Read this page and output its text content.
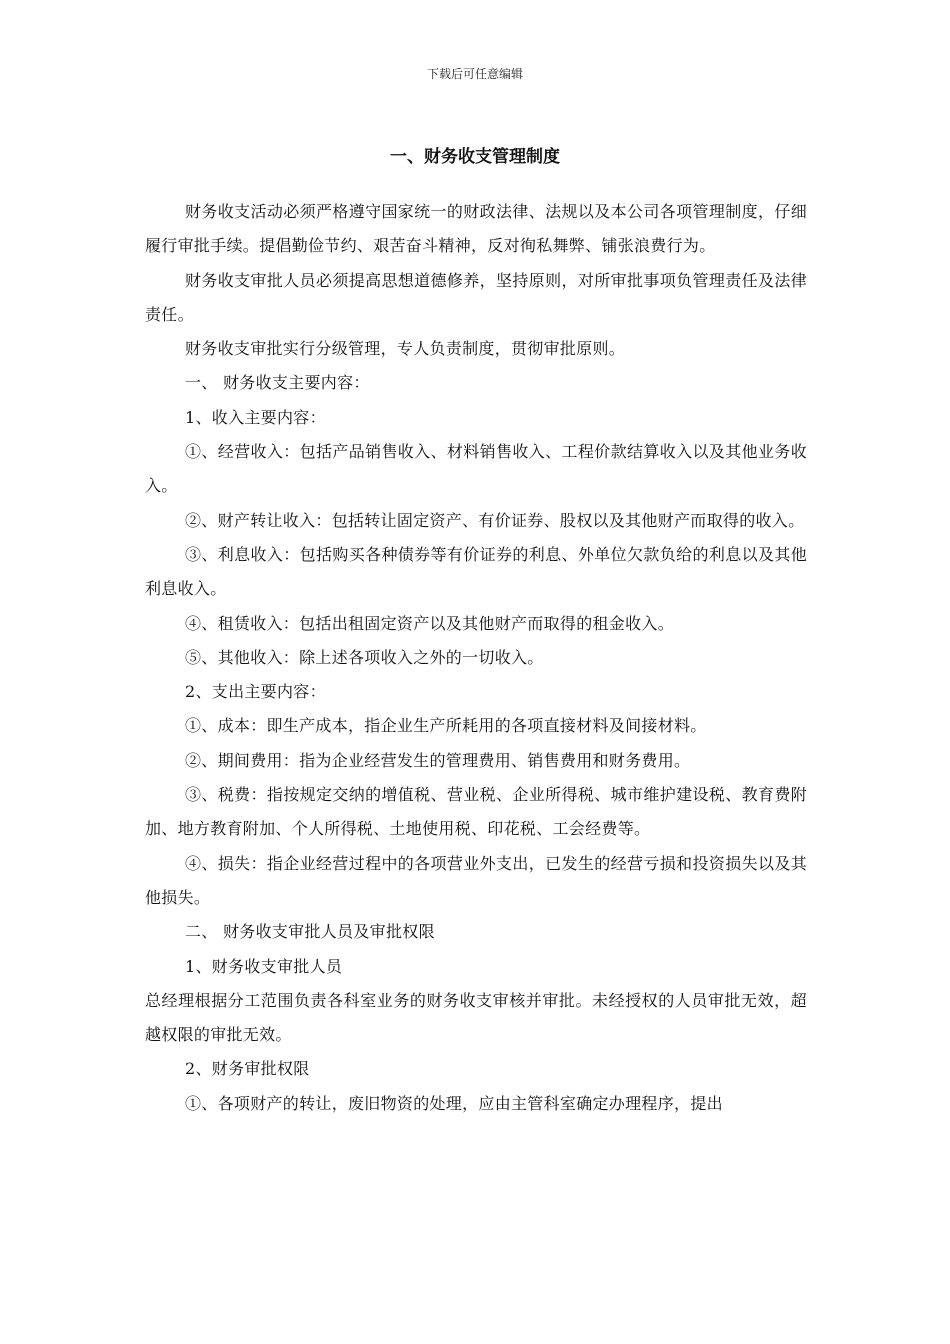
下载后可任意编辑
一、财务收支管理制度

财务收支活动必须严格遵守国家统一的财政法律、法规以及本公司各项管理制度，仔细履行审批手续。提倡勤俭节约、艰苦奋斗精神，反对徇私舞弊、铺张浪费行为。

财务收支审批人员必须提高思想道德修养，坚持原则，对所审批事项负管理责任及法律责任。

财务收支审批实行分级管理，专人负责制度，贯彻审批原则。

一、 财务收支主要内容：

1、收入主要内容：

①、经营收入：包括产品销售收入、材料销售收入、工程价款结算收入以及其他业务收入。

②、财产转让收入：包括转让固定资产、有价证券、股权以及其他财产而取得的收入。

③、利息收入：包括购买各种债券等有价证券的利息、外单位欠款负给的利息以及其他利息收入。

④、租赁收入：包括出租固定资产以及其他财产而取得的租金收入。

⑤、其他收入：除上述各项收入之外的一切收入。

2、支出主要内容：

①、成本：即生产成本，指企业生产所耗用的各项直接材料及间接材料。

②、期间费用：指为企业经营发生的管理费用、销售费用和财务费用。

③、税费：指按规定交纳的增值税、营业税、企业所得税、城市维护建设税、教育费附加、地方教育附加、个人所得税、土地使用税、印花税、工会经费等。

④、损失：指企业经营过程中的各项营业外支出，已发生的经营亏损和投资损失以及其他损失。

二、 财务收支审批人员及审批权限

1、财务收支审批人员

总经理根据分工范围负责各科室业务的财务收支审核并审批。未经授权的人员审批无效，超越权限的审批无效。

2、财务审批权限

①、各项财产的转让，废旧物资的处理，应由主管科室确定办理程序，提出
